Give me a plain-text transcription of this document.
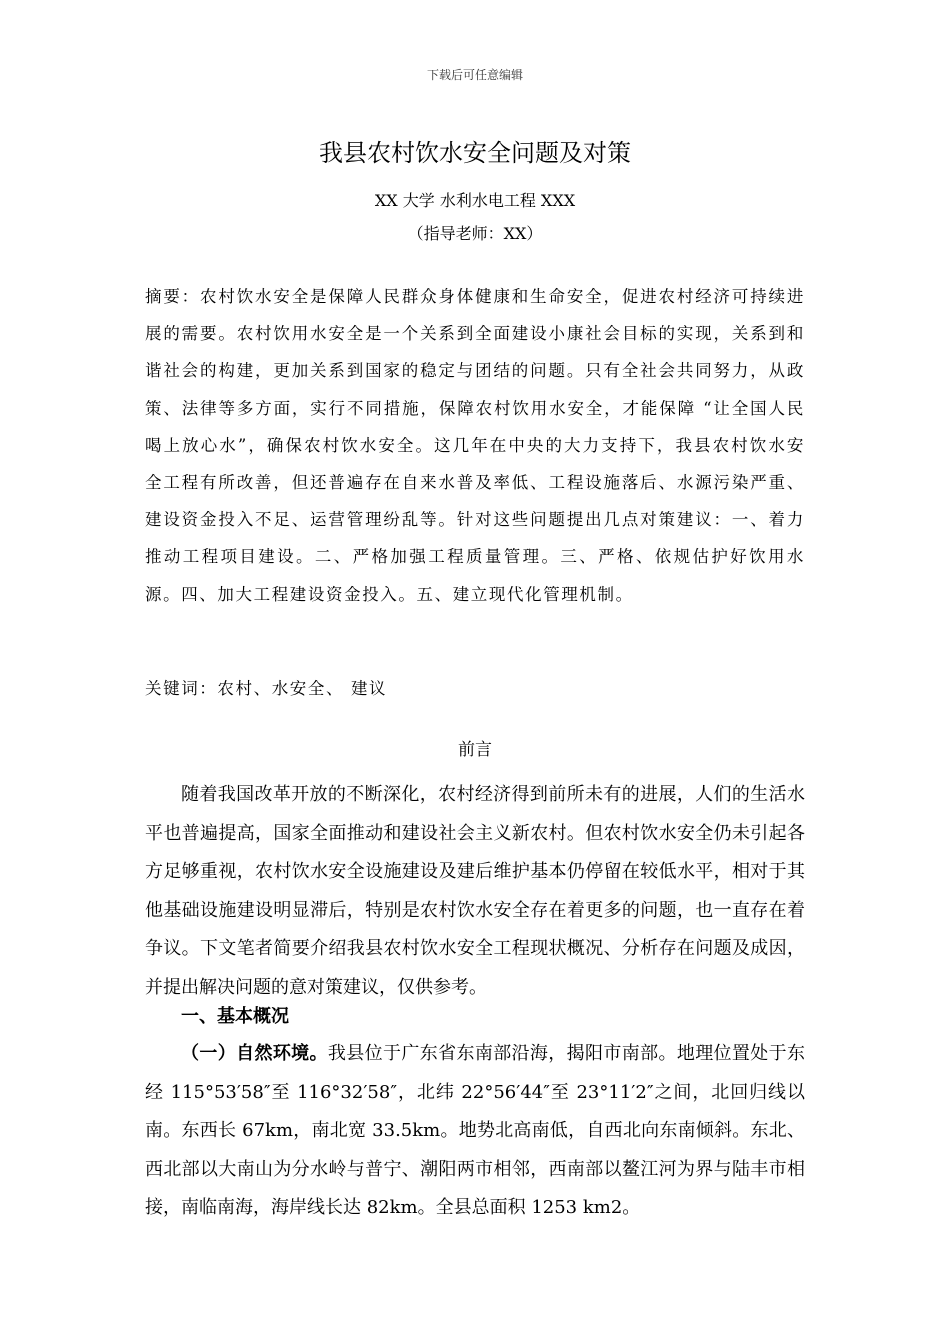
下载后可任意编辑
我县农村饮水安全问题及对策
XX 大学 水利水电工程 XXX
（指导老师：XX）

摘要：农村饮水安全是保障人民群众身体健康和生命安全，促进农村经济可持续进展的需要。农村饮用水安全是一个关系到全面建设小康社会目标的实现，关系到和谐社会的构建，更加关系到国家的稳定与团结的问题。只有全社会共同努力，从政策、法律等多方面，实行不同措施，保障农村饮用水安全，才能保障 “让全国人民喝上放心水”，确保农村饮水安全。这几年在中央的大力支持下，我县农村饮水安全工程有所改善，但还普遍存在自来水普及率低、工程设施落后、水源污染严重、建设资金投入不足、运营管理纷乱等。针对这些问题提出几点对策建议：一、着力推动工程项目建设。二、严格加强工程质量管理。三、严格、依规估护好饮用水源。四、加大工程建设资金投入。五、建立现代化管理机制。

关键词：农村、水安全、 建议

前言

随着我国改革开放的不断深化，农村经济得到前所未有的进展，人们的生活水平也普遍提高，国家全面推动和建设社会主义新农村。但农村饮水安全仍未引起各方足够重视，农村饮水安全设施建设及建后维护基本仍停留在较低水平，相对于其他基础设施建设明显滞后，特别是农村饮水安全存在着更多的问题，也一直存在着争议。下文笔者简要介绍我县农村饮水安全工程现状概况、分析存在问题及成因，并提出解决问题的意对策建议，仅供参考。

一、基本概况

（一）自然环境。我县位于广东省东南部沿海，揭阳市南部。地理位置处于东经 115°53′58″至 116°32′58″，北纬 22°56′44″至 23°11′2″之间，北回归线以南。东西长 67km，南北宽 33.5km。地势北高南低，自西北向东南倾斜。东北、西北部以大南山为分水岭与普宁、潮阳两市相邻，西南部以鳌江河为界与陆丰市相接，南临南海，海岸线长达 82km。全县总面积 1253 km2。
